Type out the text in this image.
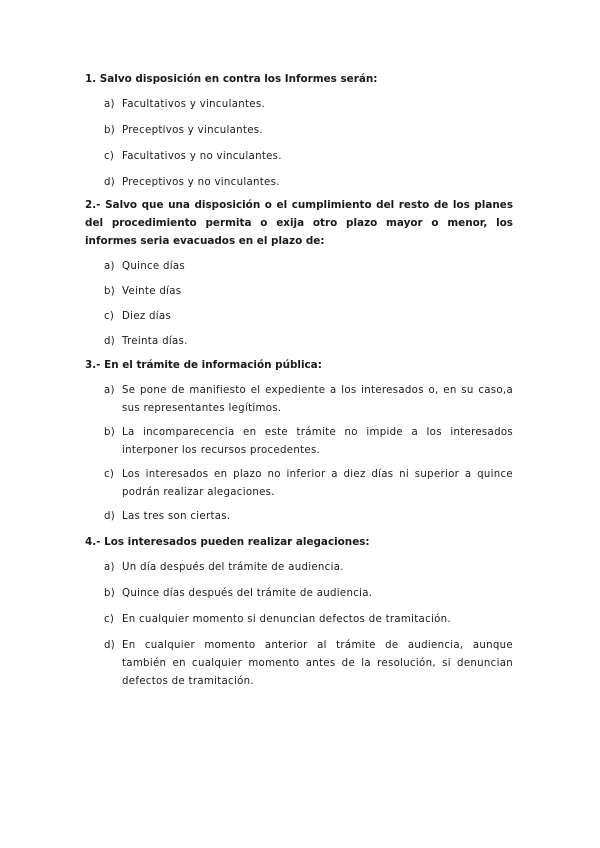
1. Salvo disposición en contra los Informes serán:

a) Facultativos y vinculantes.
b) Preceptivos y vinculantes.
c) Facultativos y no vinculantes.
d) Preceptivos y no vinculantes.

2.- Salvo que una disposición o el cumplimiento del resto de los planes del procedimiento permita o exija otro plazo mayor o menor, los informes seria evacuados en el plazo de:

a) Quince días
b) Veinte días
c) Diez días
d) Treinta días.

3.- En el trámite de información pública:

a) Se pone de manifiesto el expediente a los interesados o, en su caso,a sus representantes legítimos.
b) La incomparecencia en este trámite no impide a los interesados interponer los recursos procedentes.
c) Los interesados en plazo no inferior a diez días ni superior a quince podrán realizar alegaciones.
d) Las tres son ciertas.

4.- Los interesados pueden realizar alegaciones:

a) Un día después del trámite de audiencia.
b) Quince días después del trámite de audiencia.
c) En cualquier momento si denuncian defectos de tramitación.
d) En cualquier momento anterior al trámite de audiencia, aunque también en cualquier momento antes de la resolución, si denuncian defectos de tramitación.
